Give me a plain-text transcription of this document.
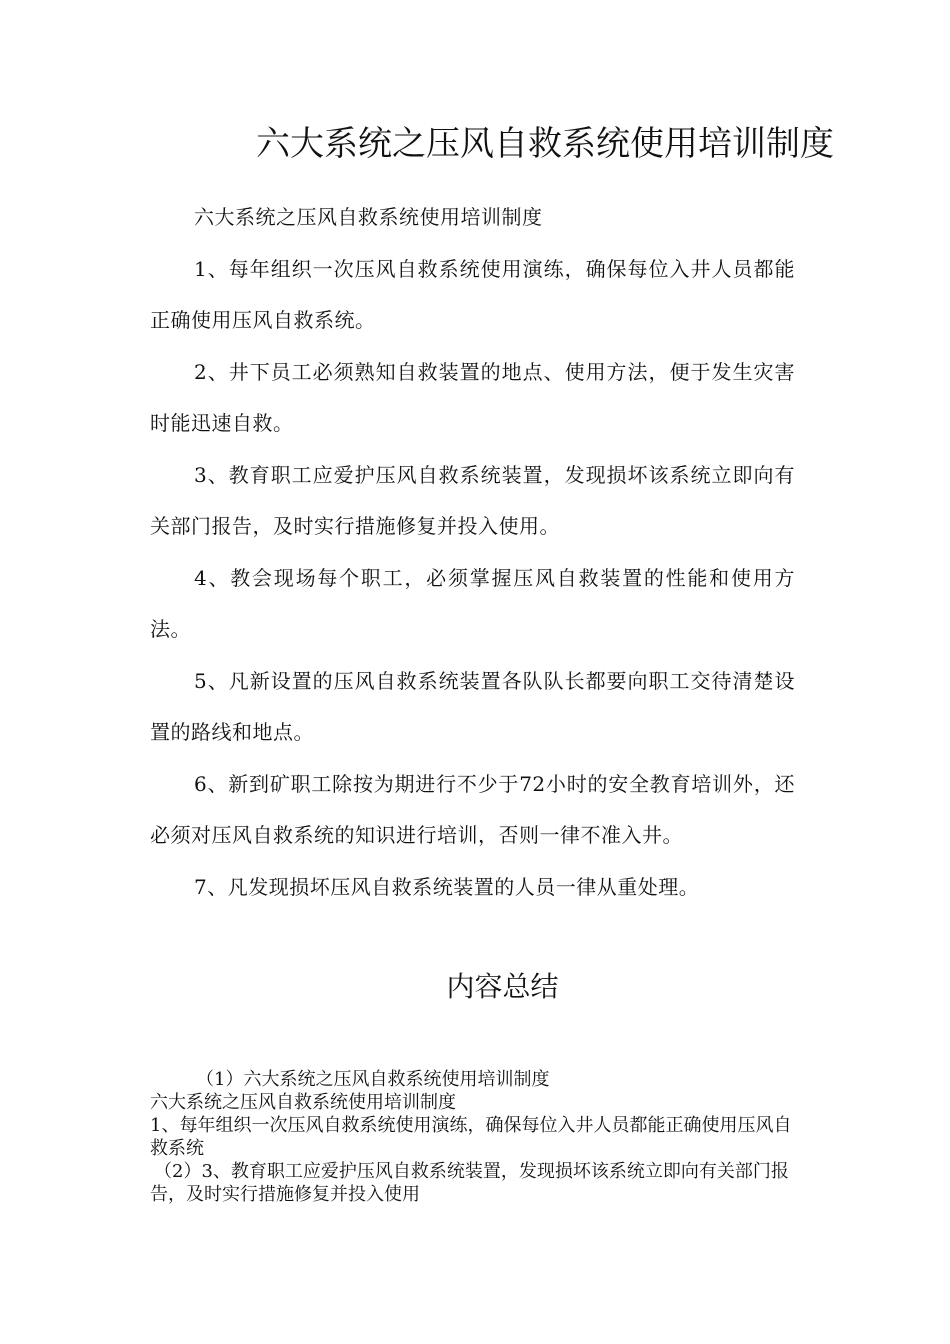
六大系统之压风自救系统使用培训制度

六大系统之压风自救系统使用培训制度

1、每年组织一次压风自救系统使用演练，确保每位入井人员都能正确使用压风自救系统。

2、井下员工必须熟知自救装置的地点、使用方法，便于发生灾害时能迅速自救。

3、教育职工应爱护压风自救系统装置，发现损坏该系统立即向有关部门报告，及时实行措施修复并投入使用。

4、教会现场每个职工，必须掌握压风自救装置的性能和使用方法。

5、凡新设置的压风自救系统装置各队队长都要向职工交待清楚设置的路线和地点。

6、新到矿职工除按为期进行不少于72小时的安全教育培训外，还必须对压风自救系统的知识进行培训，否则一律不准入井。

7、凡发现损坏压风自救系统装置的人员一律从重处理。

内容总结

（1）六大系统之压风自救系统使用培训制度

六大系统之压风自救系统使用培训制度

1、每年组织一次压风自救系统使用演练，确保每位入井人员都能正确使用压风自救系统

（2）3、教育职工应爱护压风自救系统装置，发现损坏该系统立即向有关部门报告，及时实行措施修复并投入使用
